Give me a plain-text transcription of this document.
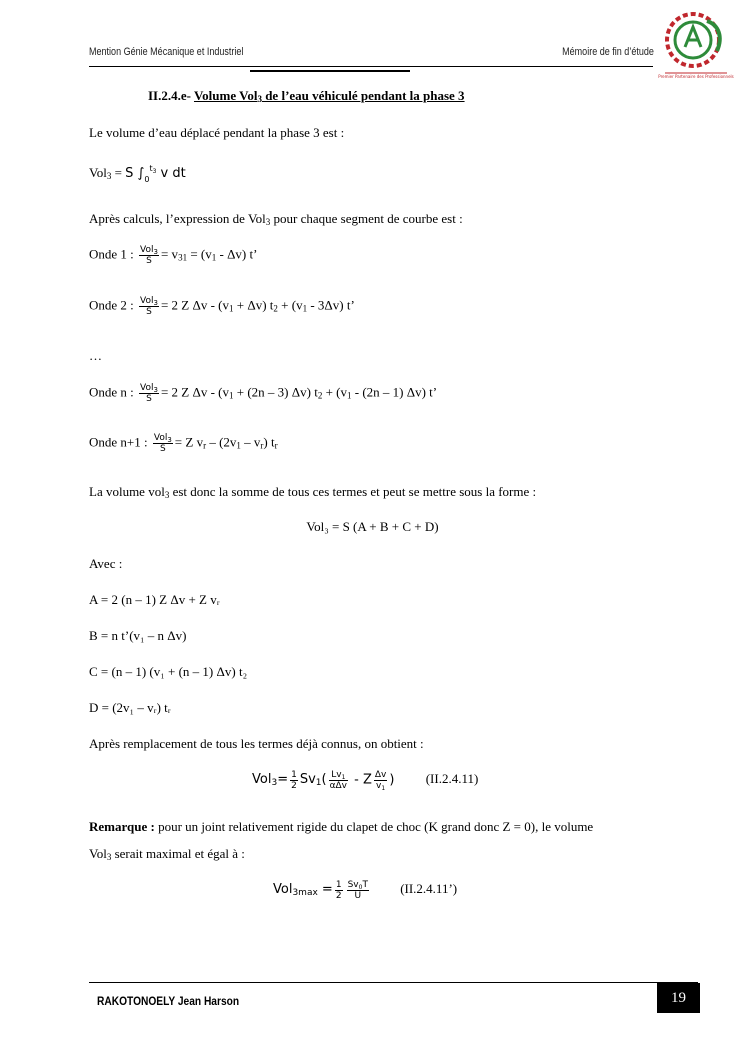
Mention Génie Mécanique et Industriel	Mémoire de fin d’étude
Premier Partenaire des Professionnels
II.2.4.e- Volume Vol$_3$ de l’eau véhiculé pendant la phase 3
Le volume d’eau déplacé pendant la phase 3 est :
Vol$_3$ = S $\int_0^{t_3}$ v dt
Après calculs, l’expression de Vol$_3$ pour chaque segment de courbe est :
Onde 1 : $\frac{Vol_3}{S} = v_{31} = (v_1 - \Delta v)$ t’
Onde 2 : $\frac{Vol_3}{S} = 2$ Z $\Delta v - (v_1 + \Delta v) t_2 + (v_1 - 3\Delta v)$ t’
…
Onde n : $\frac{Vol_3}{S} = 2$ Z $\Delta v - (v_1 + (2n - 3)$ Δv) $t_2 + (v_1 - (2n - 1)$ Δv) t’
Onde n+1 : $\frac{Vol_3}{S} = Z$ $v_r - (2v_1 - v_r)$ $t_r$
La volume vol$_3$ est donc la somme de tous ces termes et peut se mettre sous la forme :
Vol₃ = S (A + B + C + D)
Avec :
A = 2 (n – 1) Z Δv + Z vᵣ
B = n t’(v₁ – n Δv)
C = (n – 1) (v₁ + (n – 1) Δv) t₂
D = (2v₁ – vᵣ) tᵣ
Après remplacement de tous les termes déjà connus, on obtient :
$Vol_3= \frac{1}{2} Sv_1( \frac{Lv_1}{\text{αΔv}} - Z \frac{\Delta v}{v_1}$ ) (II.2.4.11)
Remarque : pour un joint relativement rigide du clapet de choc (K grand donc Z = 0), le volume
Vol$_3$ serait maximal et égal à :
$Vol_{3max} = \frac{1}{2} \frac{Sv_0T}{U}$ (II.2.4.11’)
RAKOTONOELY Jean Harson	19
